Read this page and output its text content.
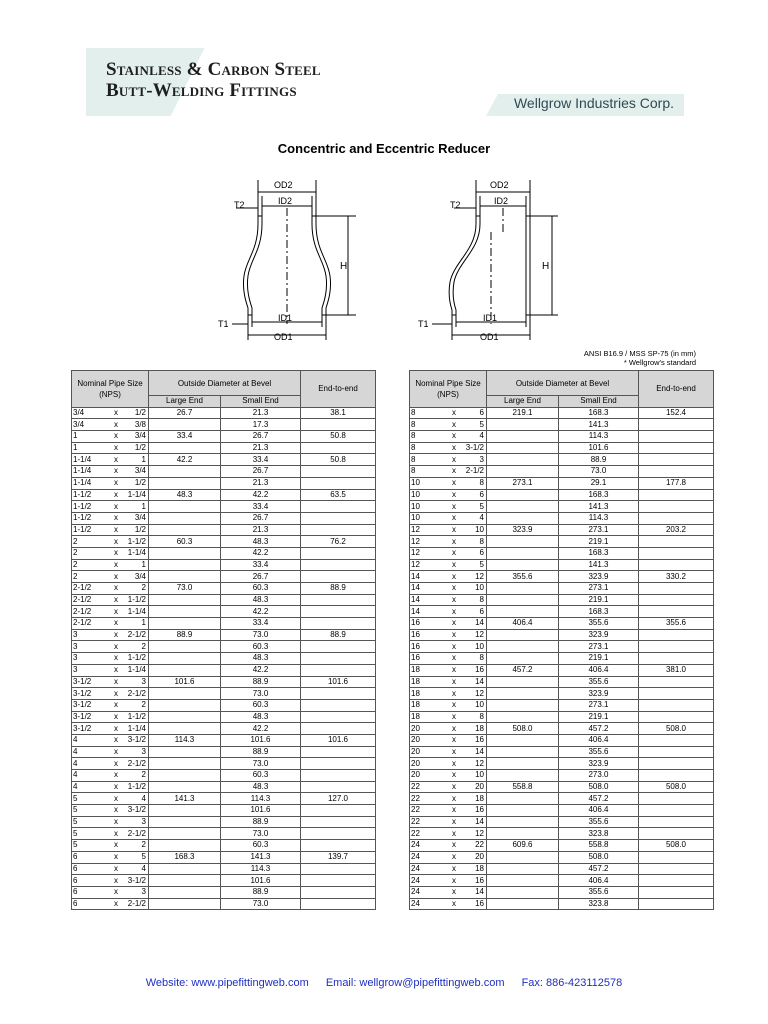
Stainless & Carbon Steel
Butt-Welding Fittings
Wellgrow Industries Corp.
Concentric and Eccentric Reducer
OD2
ID2
T2
H
T1
ID1
OD1
OD2
ID2
T2
H
T1
ID1
OD1
ANSI B16.9 / MSS SP-75 (in mm)
* Wellgrow's standard
Nominal Pipe Size (NPS)			Outside Diameter at Bevel		End-to-end
			Large End	Small End	
3/4	x	1/2	26.7	21.3	38.1
3/4	x	3/8		17.3	
1	x	3/4	33.4	26.7	50.8
1	x	1/2		21.3	
1-1/4	x	1	42.2	33.4	50.8
1-1/4	x	3/4		26.7	
1-1/4	x	1/2		21.3	
1-1/2	x	1-1/4	48.3	42.2	63.5
1-1/2	x	1		33.4	
1-1/2	x	3/4		26.7	
1-1/2	x	1/2		21.3	
2	x	1-1/2	60.3	48.3	76.2
2	x	1-1/4		42.2	
2	x	1		33.4	
2	x	3/4		26.7	
2-1/2	x	2	73.0	60.3	88.9
2-1/2	x	1-1/2		48.3	
2-1/2	x	1-1/4		42.2	
2-1/2	x	1		33.4	
3	x	2-1/2	88.9	73.0	88.9
3	x	2		60.3	
3	x	1-1/2		48.3	
3	x	1-1/4		42.2	
3-1/2	x	3	101.6	88.9	101.6
3-1/2	x	2-1/2		73.0	
3-1/2	x	2		60.3	
3-1/2	x	1-1/2		48.3	
3-1/2	x	1-1/4		42.2	
4	x	3-1/2	114.3	101.6	101.6
4	x	3		88.9	
4	x	2-1/2		73.0	
4	x	2		60.3	
4	x	1-1/2		48.3	
5	x	4	141.3	114.3	127.0
5	x	3-1/2		101.6	
5	x	3		88.9	
5	x	2-1/2		73.0	
5	x	2		60.3	
6	x	5	168.3	141.3	139.7
6	x	4		114.3	
6	x	3-1/2		101.6	
6	x	3		88.9	
6	x	2-1/2		73.0	
Nominal Pipe Size (NPS)			Outside Diameter at Bevel		End-to-end
			Large End	Small End	
8	x	6	219.1	168.3	152.4
8	x	5		141.3	
8	x	4		114.3	
8	x	3-1/2		101.6	
8	x	3		88.9	
8	x	2-1/2		73.0	
10	x	8	273.1	29.1	177.8
10	x	6		168.3	
10	x	5		141.3	
10	x	4		114.3	
12	x	10	323.9	273.1	203.2
12	x	8		219.1	
12	x	6		168.3	
12	x	5		141.3	
14	x	12	355.6	323.9	330.2
14	x	10		273.1	
14	x	8		219.1	
14	x	6		168.3	
16	x	14	406.4	355.6	355.6
16	x	12		323.9	
16	x	10		273.1	
16	x	8		219.1	
18	x	16	457.2	406.4	381.0
18	x	14		355.6	
18	x	12		323.9	
18	x	10		273.1	
18	x	8		219.1	
20	x	18	508.0	457.2	508.0
20	x	16		406.4	
20	x	14		355.6	
20	x	12		323.9	
20	x	10		273.0	
22	x	20	558.8	508.0	508.0
22	x	18		457.2	
22	x	16		406.4	
22	x	14		355.6	
22	x	12		323.8	
24	x	22	609.6	558.8	508.0
24	x	20		508.0	
24	x	18		457.2	
24	x	16		406.4	
24	x	14		355.6	
24	x	16		323.8	
Website: www.pipefittingweb.com Email: wellgrow@pipefittingweb.com Fax: 886-423112578
